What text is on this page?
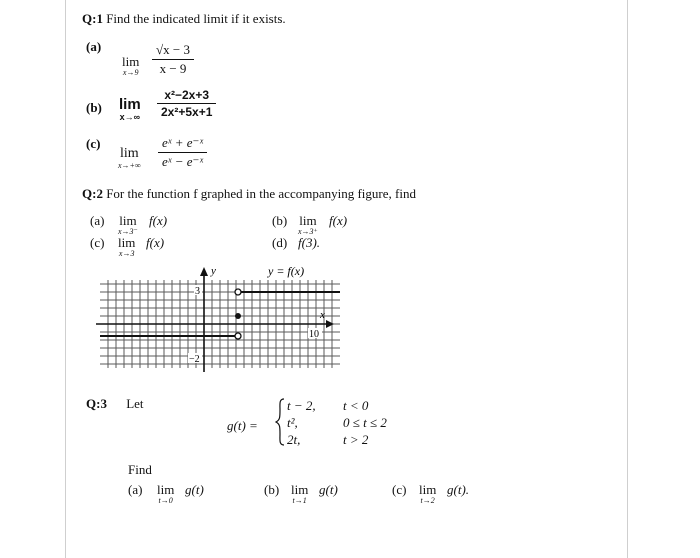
Q:1 Find the indicated limit if it exists.
(a)
lim
x→9
√x − 3
x − 9
(b) lim
x→∞
x²−2x+3
2x²+5x+1
(c)
lim
x→+∞
eˣ + e⁻ˣ
eˣ − e⁻ˣ
Q:2 For the function f graphed in the accompanying figure, find
(a) lim
x→3⁻
f(x)	(b) lim
x→3⁺
f(x)
(c) lim
x→3
f(x)	(d) f(3).
y
x
y = f(x)
3
10
−2
Q:3 Let
g(t) =
t − 2, t < 0
t²,	0 ≤ t ≤ 2
2t,	t > 2
Find
(a) lim
t→0
g(t)	(b) lim
t→1
g(t)	(c) lim
t→2
g(t).
